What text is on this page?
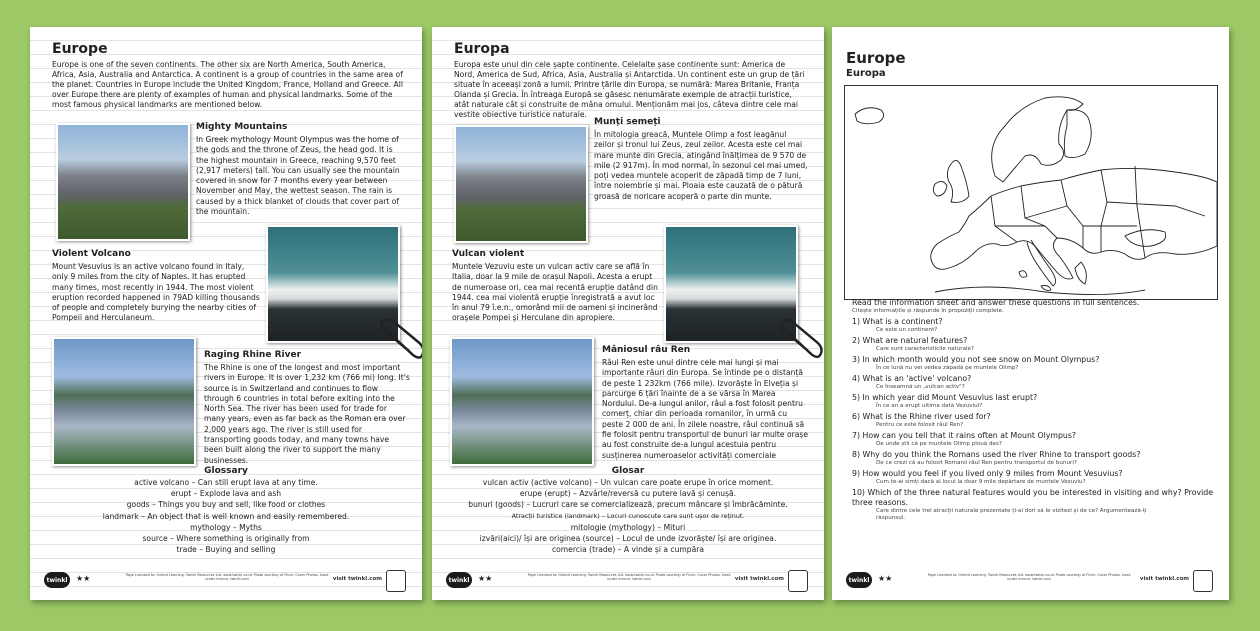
Europe
Europe is one of the seven continents. The other six are North America, South America, Africa, Asia, Australia and Antarctica. A continent is a group of countries in the same area of the planet. Countries in Europe include the United Kingdom, France, Holland and Greece. All over Europe there are plenty of examples of human and physical landmarks. Some of the most famous physical landmarks are mentioned below.
Mighty Mountains
In Greek mythology Mount Olympus was the home of the gods and the throne of Zeus, the head god. It is the highest mountain in Greece, reaching 9,570 feet (2,917 meters) tall. You can usually see the mountain covered in snow for 7 months every year between November and May, the wettest season. The rain is caused by a thick blanket of clouds that cover part of the mountain.
Violent Volcano
Mount Vesuvius is an active volcano found in Italy, only 9 miles from the city of Naples. It has erupted many times, most recently in 1944. The most violent eruption recorded happened in 79AD killing thousands of people and completely burying the nearby cities of Pompeii and Herculaneum.
Raging Rhine River
The Rhine is one of the longest and most important rivers in Europe. It is over 1,232 km (766 mi) long. It's source is in Switzerland and continues to flow through 6 countries in total before exiting into the North Sea. The river has been used for trade for many years, even as far back as the Roman era over 2,000 years ago. The river is still used for transporting goods today, and many towns have been built along the river to support the many businesses.
Glossary
active volcano – Can still erupt lava at any time.
erupt – Explode lava and ash
goods – Things you buy and sell, like food or clothes
landmark – An object that is well known and easily remembered.
mythology – Myths
source – Where something is originally from
trade – Buying and selling
twinkl	★★	Page Licensed to: Oxford Learning. Twinkl Resources Ltd. www.twinkl.co.uk Photo courtesy of Flickr. Cover Photos. Used under licence, twinkl.com	visit twinkl.com
Europa
Europa este unul din cele șapte continente. Celelalte șase continente sunt: America de Nord, America de Sud, Africa, Asia, Australia și Antarctida. Un continent este un grup de țări situate în aceeași zonă a lumii. Printre țările din Europa, se numără: Marea Britanie, Franța Olanda și Grecia. În întreaga Europă se găsesc nenumărate exemple de atracții turistice, atât naturale cât și construite de mâna omului. Menționăm mai jos, câteva dintre cele mai vestite obiective turistice naturale.
Munți semeți
În mitologia greacă, Muntele Olimp a fost leagănul zeilor și tronul lui Zeus, zeul zeilor. Acesta este cel mai mare munte din Grecia, atingând înălțimea de 9 570 de mile (2 917m). În mod normal, în sezonul cel mai umed, poți vedea muntele acoperit de zăpadă timp de 7 luni, între noiembrie și mai. Ploaia este cauzată de o pătură groasă de noricare acoperă o parte din munte.
Vulcan violent
Muntele Vezuviu este un vulcan activ care se află în Italia, doar la 9 mile de orașul Napoli. Acesta a erupt de numeroase ori, cea mai recentă erupție datând din 1944. cea mai violentă erupție înregistrată a avut loc în anul 79 î.e.n., omorând mii de oameni și incinerând orașele Pompei și Herculane din apropiere.
Mâniosul râu Ren
Râul Ren este unul dintre cele mai lungi și mai importante râuri din Europa. Se întinde pe o distanță de peste 1 232km (766 mile). Izvorăște în Elveția și parcurge 6 țări înainte de a se vărsa în Marea Nordului. De-a lungul anilor, râul a fost folosit pentru comerț, chiar din perioada romanilor, în urmă cu peste 2 000 de ani. În zilele noastre, râul continuă să fie folosit pentru transportul de bunuri iar multe orașe au fost construite de-a lungul acestuia pentru susținerea numeroaselor activități comerciale
Glosar
vulcan activ (active volcano) – Un vulcan care poate erupe în orice moment.
erupe (erupt) – Azvârle/reversă cu putere lavă și cenușă.
bunuri (goods) – Lucruri care se comercializează, precum mâncare și îmbrăcăminte.
Atracții turistice (landmark) – Locuri cunoscute care sunt ușor de reținut.
mitologie (mythology) – Mituri
izvări(aici)/ își are originea (source) – Locul de unde izvorăște/ își are originea.
comercia (trade) – A vinde și a cumpăra
twinkl	★★	Page Licensed to: Oxford Learning. Twinkl Resources Ltd. www.twinkl.co.uk Photo courtesy of Flickr. Cover Photos. Used under licence, twinkl.com	visit twinkl.com
Europe
Europa
Read the information sheet and answer these questions in full sentences.
Citește informațiile și răspunde în propoziții complete.
1) What is a continent?
Ce este un continent?
2) What are natural features?
Care sunt caracteristicile naturale?
3) In which month would you not see snow on Mount Olympus?
În ce lună nu vei vedea zăpadă pe muntele Olimp?
4) What is an 'active' volcano?
Ce înseamnă un „vulcan activ"?
5) In which year did Mount Vesuvius last erupt?
În ce an a erupt ultima dată Vezuviul?
6) What is the Rhine river used for?
Pentru ce este folosit râul Ren?
7) How can you tell that it rains often at Mount Olympus?
De unde știi că pe muntele Olimp plouă des?
8) Why do you think the Romans used the river Rhine to transport goods?
De ce crezi că au folosit Romanii râul Ren pentru transportul de bunuri?
9) How would you feel if you lived only 9 miles from Mount Vesuvius?
Cum te-ai simți dacă ai locui la doar 9 mile depărtare de muntele Vezuviu?
10) Which of the three natural features would you be interested in visiting and why? Provide three reasons.
Care dintre cele trei atracții naturale prezentate ți-ai dori să le vizitezi și de ce? Argumentează-ți răspunsul.
twinkl	★★	Page Licensed to: Oxford Learning. Twinkl Resources Ltd. www.twinkl.co.uk Photo courtesy of Flickr. Cover Photos. Used under licence, twinkl.com	visit twinkl.com
